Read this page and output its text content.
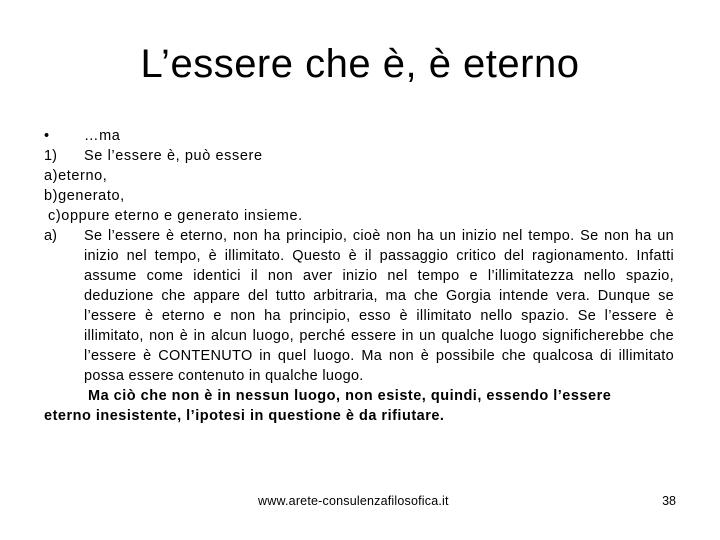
L’essere che è, è eterno
•	…ma
1)	Se l’essere è, può essere
a)eterno,
b)generato,
c)oppure eterno e generato insieme.
a)	Se l’essere è eterno, non ha principio, cioè non ha un inizio nel tempo. Se non ha un inizio nel tempo, è illimitato. Questo è il passaggio critico del ragionamento. Infatti assume come identici il non aver inizio nel tempo e l’illimitatezza nello spazio, deduzione che appare del tutto arbitraria, ma che Gorgia intende vera. Dunque se l’essere è eterno e non ha principio, esso è illimitato nello spazio. Se l’essere è illimitato, non è in alcun luogo, perché essere in un qualche luogo significherebbe che l’essere è CONTENUTO in quel luogo. Ma non è possibile che qualcosa di illimitato possa essere contenuto in qualche luogo.
Ma ciò che non è in nessun luogo, non esiste, quindi, essendo l’essere
eterno inesistente, l’ipotesi in questione è da rifiutare.
www.arete-consulenzafilosofica.it	38
